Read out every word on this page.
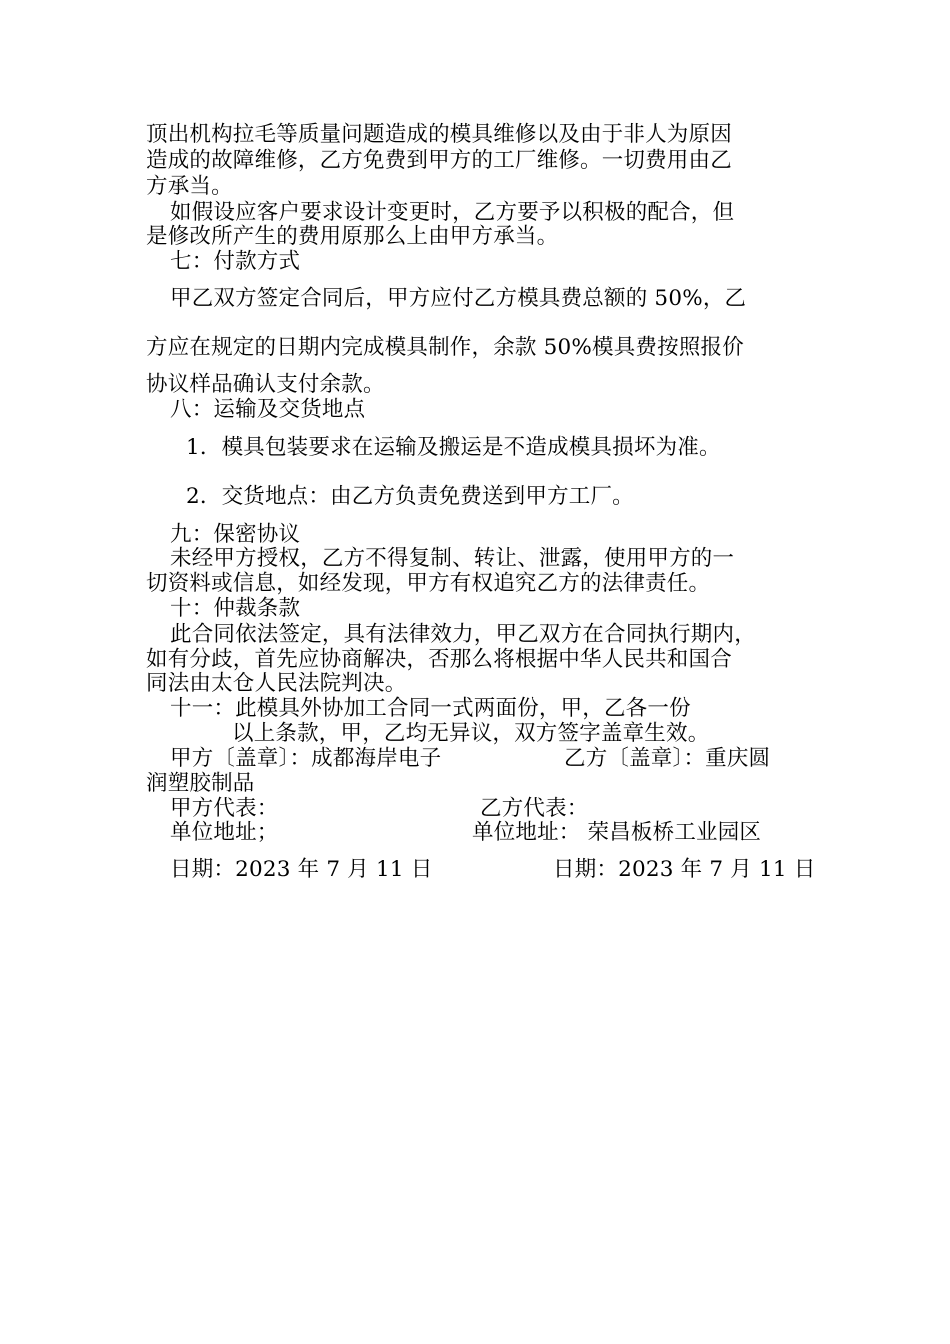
顶出机构拉毛等质量问题造成的模具维修以及由于非人为原因
造成的故障维修，乙方免费到甲方的工厂维修。一切费用由乙
方承当。
如假设应客户要求设计变更时，乙方要予以积极的配合，但
是修改所产生的费用原那么上由甲方承当。
七：付款方式
甲乙双方签定合同后，甲方应付乙方模具费总额的 50%，乙
方应在规定的日期内完成模具制作，余款 50%模具费按照报价
协议样品确认支付余款。
八：运输及交货地点
1．模具包装要求在运输及搬运是不造成模具损坏为准。
2．交货地点：由乙方负责免费送到甲方工厂。
九：保密协议
未经甲方授权，乙方不得复制、转让、泄露，使用甲方的一
切资料或信息，如经发现，甲方有权追究乙方的法律责任。
十：仲裁条款
此合同依法签定，具有法律效力，甲乙双方在合同执行期内，
如有分歧，首先应协商解决，否那么将根据中华人民共和国合
同法由太仓人民法院判决。
十一：此模具外协加工合同一式两面份，甲，乙各一份
以上条款，甲，乙均无异议，双方签字盖章生效。
甲方〔盖章〕：成都海岸电子	乙方〔盖章〕：重庆圆
润塑胶制品
甲方代表：	乙方代表：
单位地址；	单位地址： 荣昌板桥工业园区
日期：2023 年 7 月 11 日	日期：2023 年 7 月 11 日
